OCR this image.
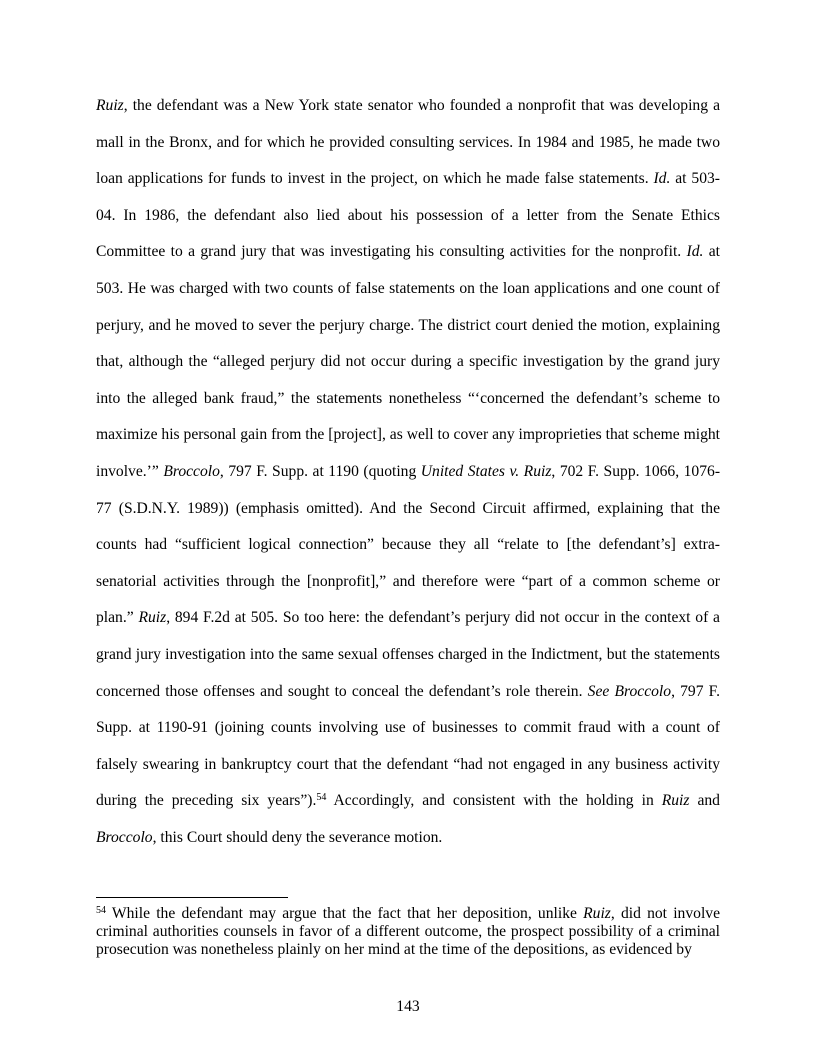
Ruiz, the defendant was a New York state senator who founded a nonprofit that was developing a mall in the Bronx, and for which he provided consulting services. In 1984 and 1985, he made two loan applications for funds to invest in the project, on which he made false statements. Id. at 503-04. In 1986, the defendant also lied about his possession of a letter from the Senate Ethics Committee to a grand jury that was investigating his consulting activities for the nonprofit. Id. at 503. He was charged with two counts of false statements on the loan applications and one count of perjury, and he moved to sever the perjury charge. The district court denied the motion, explaining that, although the “alleged perjury did not occur during a specific investigation by the grand jury into the alleged bank fraud,” the statements nonetheless “‘concerned the defendant’s scheme to maximize his personal gain from the [project], as well to cover any improprieties that scheme might involve.’” Broccolo, 797 F. Supp. at 1190 (quoting United States v. Ruiz, 702 F. Supp. 1066, 1076-77 (S.D.N.Y. 1989)) (emphasis omitted). And the Second Circuit affirmed, explaining that the counts had “sufficient logical connection” because they all “relate to [the defendant’s] extra-senatorial activities through the [nonprofit],” and therefore were “part of a common scheme or plan.” Ruiz, 894 F.2d at 505. So too here: the defendant’s perjury did not occur in the context of a grand jury investigation into the same sexual offenses charged in the Indictment, but the statements concerned those offenses and sought to conceal the defendant’s role therein. See Broccolo, 797 F. Supp. at 1190-91 (joining counts involving use of businesses to commit fraud with a count of falsely swearing in bankruptcy court that the defendant “had not engaged in any business activity during the preceding six years”).$^{54}$ Accordingly, and consistent with the holding in Ruiz and Broccolo, this Court should deny the severance motion.

$^{54}$ While the defendant may argue that the fact that her deposition, unlike Ruiz, did not involve criminal authorities counsels in favor of a different outcome, the prospect possibility of a criminal prosecution was nonetheless plainly on her mind at the time of the depositions, as evidenced by

143
